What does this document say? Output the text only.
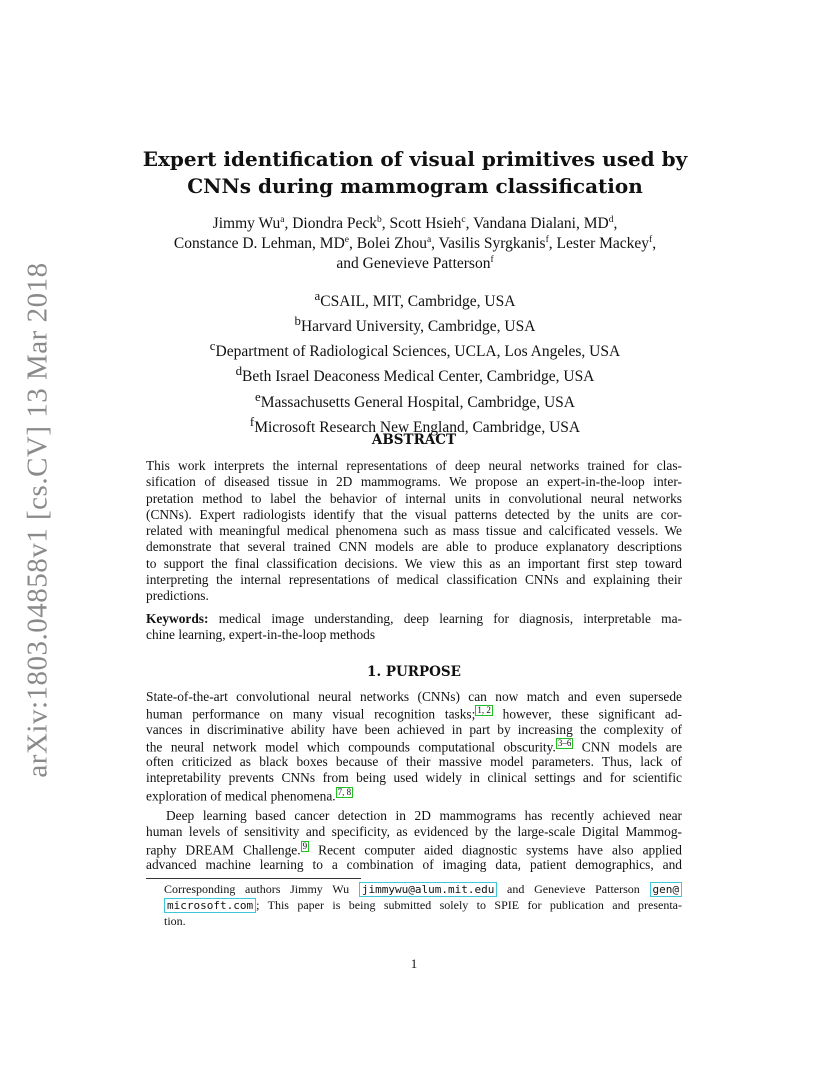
arXiv:1803.04858v1 [cs.CV] 13 Mar 2018
Expert identification of visual primitives used by
CNNs during mammogram classification
Jimmy Wu$^a$, Diondra Peck$^b$, Scott Hsieh$^c$, Vandana Dialani, $MD^d$,
Constance D. Lehman, MDe, Bolei Zhou$^a$, Vasilis Syrgkanis$^f$, Lester Mackey$^f$,
and Genevieve Patterson$^f$
$^a$CSAIL, MIT, Cambridge, USA
$^b$Harvard University, Cambridge, USA
$^c$Department of Radiological Sciences, UCLA, Los Angeles, USA
$^d$Beth Israel Deaconess Medical Center, Cambridge, USA
$^e$Massachusetts General Hospital, Cambridge, USA
$^f$Microsoft Research New England, Cambridge, USA
ABSTRACT
This work interprets the internal representations of deep neural networks trained for clas-
sification of diseased tissue in 2D mammograms. We propose an expert-in-the-loop inter-
pretation method to label the behavior of internal units in convolutional neural networks
(CNNs). Expert radiologists identify that the visual patterns detected by the units are cor-
related with meaningful medical phenomena such as mass tissue and calcificated vessels. We
demonstrate that several trained CNN models are able to produce explanatory descriptions
to support the final classification decisions. We view this as an important first step toward
interpreting the internal representations of medical classification CNNs and explaining their
predictions.
Keywords: medical image understanding, deep learning for diagnosis, interpretable ma-
chine learning, expert-in-the-loop methods
1. PURPOSE
State-of-the-art convolutional neural networks (CNNs) can now match and even supersede
human performance on many visual recognition tasks; 1, 2 however, these significant ad-
vances in discriminative ability have been achieved in part by increasing the complexity of
the neural network model which compounds computational obscurity. 3–6 CNN models are
often criticized as black boxes because of their massive model parameters. Thus, lack of
intepretability prevents CNNs from being used widely in clinical settings and for scientific
exploration of medical phenomena. 7, 8
Deep learning based cancer detection in 2D mammograms has recently achieved near
human levels of sensitivity and specificity, as evidenced by the large-scale Digital Mammog-
raphy DREAM Challenge. 9 Recent computer aided diagnostic systems have also applied
advanced machine learning to a combination of imaging data, patient demographics, and
Corresponding authors Jimmy Wu jimmywu@alum.mit.edu and Genevieve Patterson gen@
microsoft.com ; This paper is being submitted solely to SPIE for publication and presenta-
tion.
1
